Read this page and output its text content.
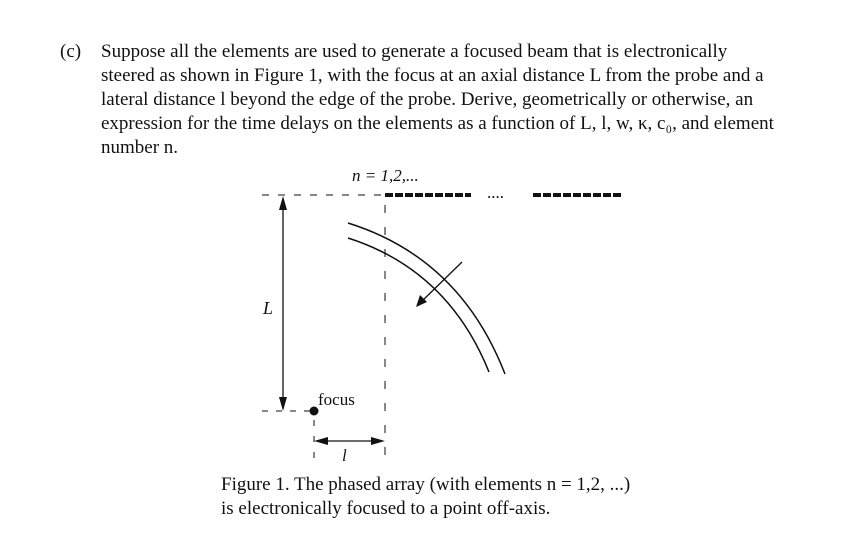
(c) Suppose all the elements are used to generate a focused beam that is electronically
steered as shown in Figure 1, with the focus at an axial distance L from the probe and a
lateral distance l beyond the edge of the probe. Derive, geometrically or otherwise, an
expression for the time delays on the elements as a function of L, l, w, κ, c₀, and element
number n.
n = 1,2,...
....
L
focus
l
Figure 1. The phased array (with elements n = 1,2, ...)
is electronically focused to a point off-axis.
